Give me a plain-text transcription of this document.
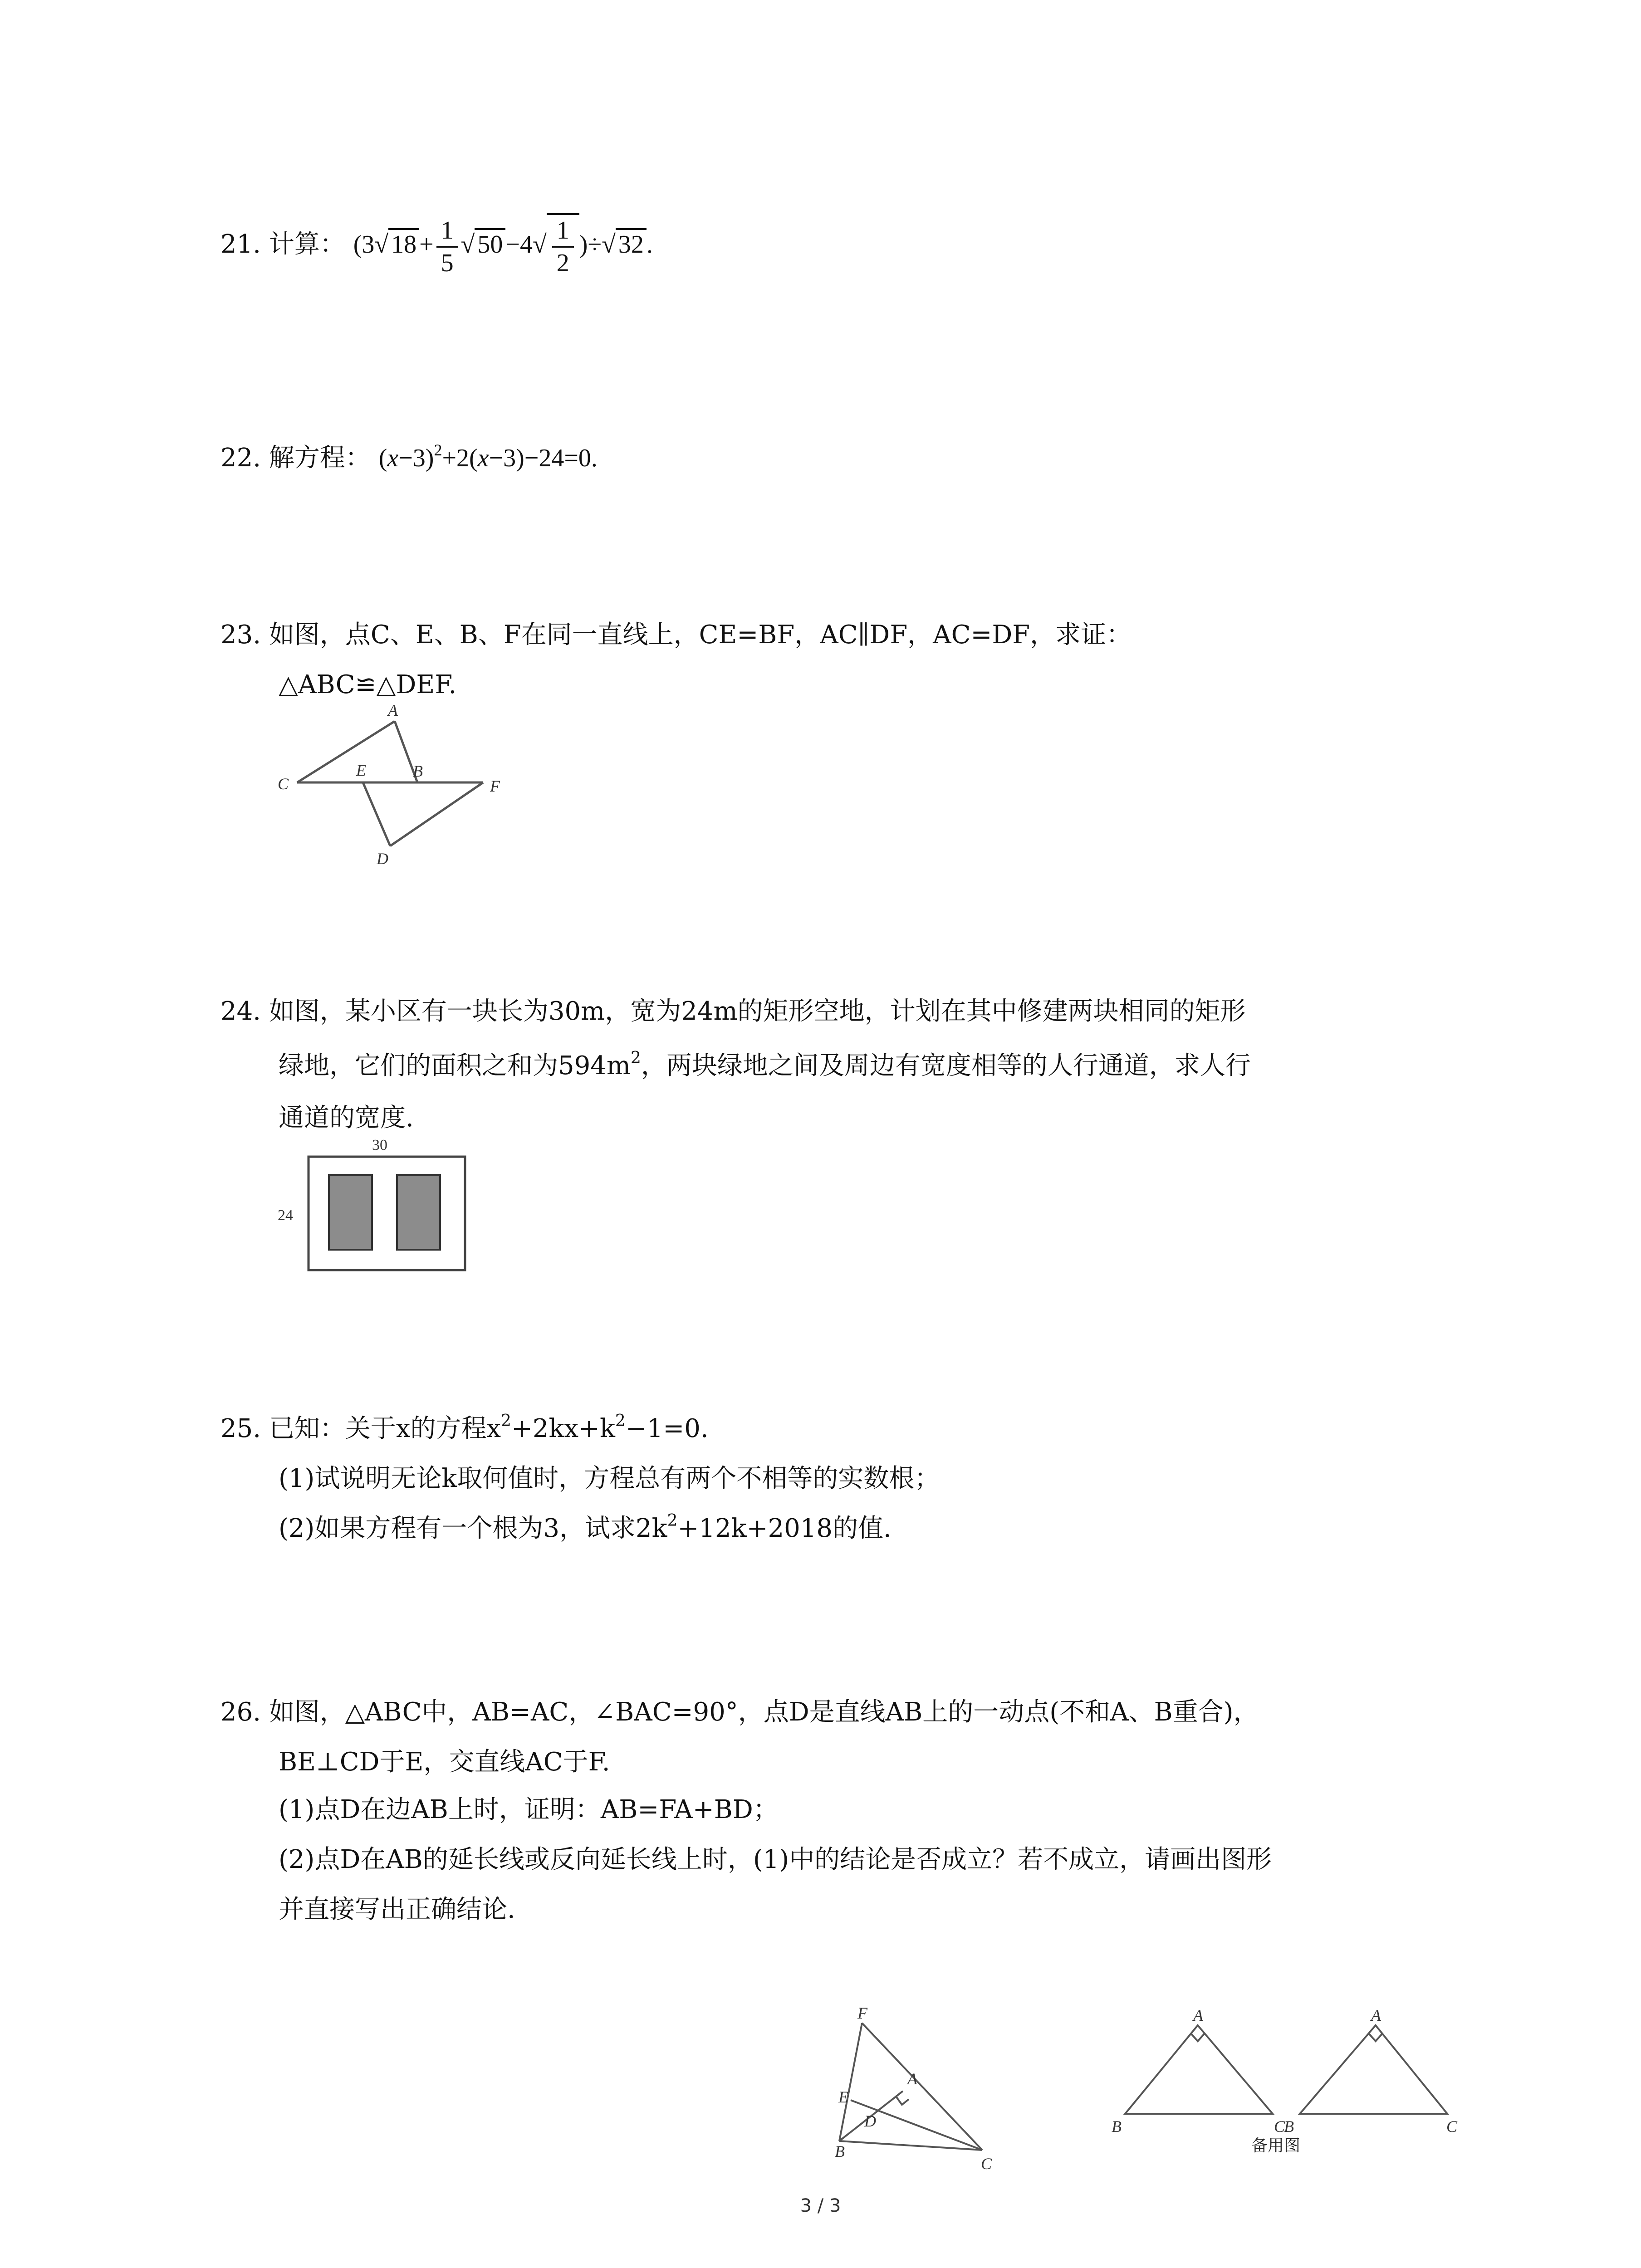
21. 计算： (3√ $18 + \frac{1}{5}$ √ $50 -4√ \frac{1}{2}$ )÷√ 32 .
22. 解方程： $(x-3)^2+2(x-3)-24=0$.
23. 如图，点C、E、B、F在同一直线上，CE=BF，AC∥DF，AC=DF，求证：
△ABC≌△DEF.
A
C
E	B
F
D
24. 如图，某小区有一块长为30m，宽为24m的矩形空地，计划在其中修建两块相同的矩形
绿地，它们的面积之和为$594m^2$，两块绿地之间及周边有宽度相等的人行通道，求人行
通道的宽度.
30
24
25. 已知：关于x的方程$x^2+2kx+k^2-1=0$.
(1)试说明无论k取何值时，方程总有两个不相等的实数根；
(2)如果方程有一个根为3，试求$2k^2+12k+2018$的值.
26. 如图，△ABC中，AB=AC，∠BAC=90°，点D是直线AB上的一动点(不和A、B重合)，
BE⊥CD于E，交直线AC于F.
(1)点D在边AB上时，证明：AB=FA+BD；
(2)点D在AB的延长线或反向延长线上时，(1)中的结论是否成立？若不成立，请画出图形
并直接写出正确结论.
F
A
E
D
B
C
A
B	C
A
B	C
备用图
3 / 3
